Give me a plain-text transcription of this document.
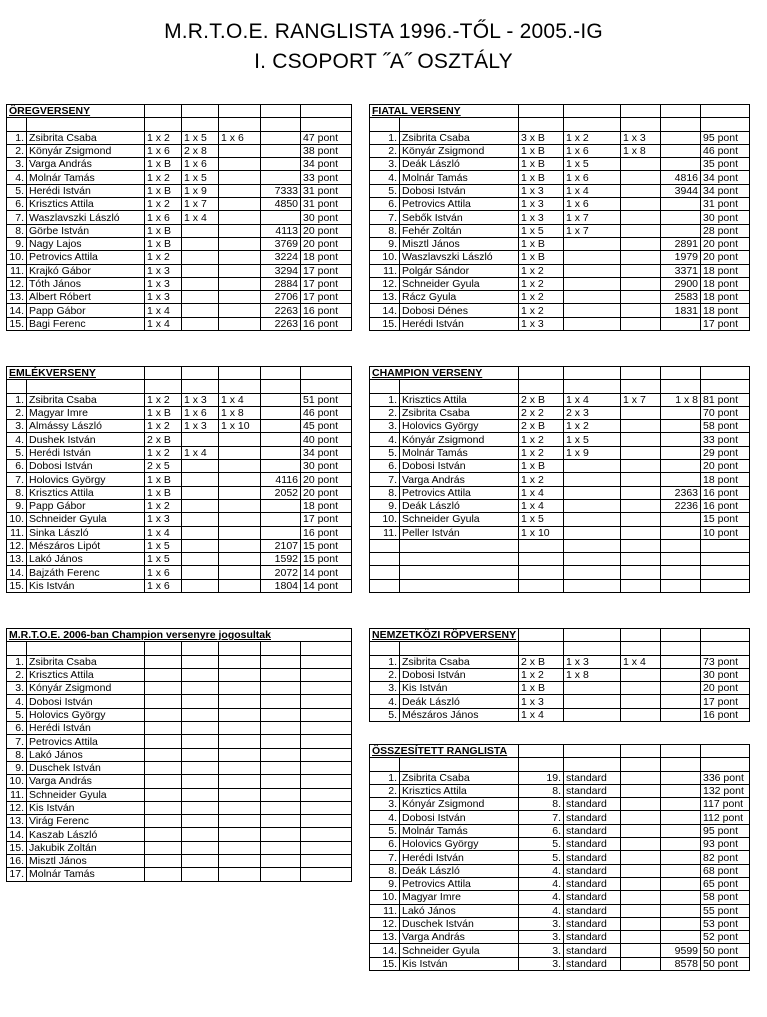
M.R.T.O.E. RANGLISTA 1996.-TŐL - 2005.-IG
I. CSOPORT ˝A˝ OSZTÁLY
ÖREGVERSENY						

1.	Zsibrita Csaba	1 x 2	1 x 5	1 x 6		47 pont
2.	Könyár Zsigmond	1 x 6	2 x 8			38 pont
3.	Varga András	1 x B	1 x 6			34 pont
4.	Molnár Tamás	1 x 2	1 x 5			33 pont
5.	Herédi István	1 x B	1 x 9		7333	31 pont
6.	Krisztics Attila	1 x 2	1 x 7		4850	31 pont
7.	Waszlavszki László	1 x 6	1 x 4			30 pont
8.	Görbe István	1 x B			4113	20 pont
9.	Nagy Lajos	1 x B			3769	20 pont
10.	Petrovics Attila	1 x 2			3224	18 pont
11.	Krajkó Gábor	1 x 3			3294	17 pont
12.	Tóth János	1 x 3			2884	17 pont
13.	Albert Róbert	1 x 3			2706	17 pont
14.	Papp Gábor	1 x 4			2263	16 pont
15.	Bagi Ferenc	1 x 4			2263	16 pont
FIATAL VERSENY						

1.	Zsibrita Csaba	3 x B	1 x 2	1 x 3		95 pont
2.	Könyár Zsigmond	1 x B	1 x 6	1 x 8		46 pont
3.	Deák László	1 x B	1 x 5			35 pont
4.	Molnár Tamás	1 x B	1 x 6		4816	34 pont
5.	Dobosi István	1 x 3	1 x 4		3944	34 pont
6.	Petrovics Attila	1 x 3	1 x 6			31 pont
7.	Sebők István	1 x 3	1 x 7			30 pont
8.	Fehér Zoltán	1 x 5	1 x 7			28 pont
9.	Misztl János	1 x B			2891	20 pont
10.	Waszlavszki László	1 x B			1979	20 pont
11.	Polgár Sándor	1 x 2			3371	18 pont
12.	Schneider Gyula	1 x 2			2900	18 pont
13.	Rácz Gyula	1 x 2			2583	18 pont
14.	Dobosi Dénes	1 x 2			1831	18 pont
15.	Herédi István	1 x 3				17 pont
EMLÉKVERSENY						

1.	Zsibrita Csaba	1 x 2	1 x 3	1 x 4		51 pont
2.	Magyar Imre	1 x B	1 x 6	1 x 8		46 pont
3.	Almássy László	1 x 2	1 x 3	1 x 10		45 pont
4.	Dushek István	2 x B				40 pont
5.	Herédi István	1 x 2	1 x 4			34 pont
6.	Dobosi István	2 x 5				30 pont
7.	Holovics György	1 x B			4116	20 pont
8.	Krisztics Attila	1 x B			2052	20 pont
9.	Papp Gábor	1 x 2				18 pont
10.	Schneider Gyula	1 x 3				17 pont
11.	Sinka László	1 x 4				16 pont
12.	Mészáros Lipót	1 x 5			2107	15 pont
13.	Lakó János	1 x 5			1592	15 pont
14.	Bajzáth Ferenc	1 x 6			2072	14 pont
15.	Kis István	1 x 6			1804	14 pont
CHAMPION VERSENY						

1.	Krisztics Attila	2 x B	1 x 4	1 x 7	1 x 8	81 pont
2.	Zsibrita Csaba	2 x 2	2 x 3			70 pont
3.	Holovics György	2 x B	1 x 2			58 pont
4.	Kónyár Zsigmond	1 x 2	1 x 5			33 pont
5.	Molnár Tamás	1 x 2	1 x 9			29 pont
6.	Dobosi István	1 x B				20 pont
7.	Varga András	1 x 2				18 pont
8.	Petrovics Attila	1 x 4			2363	16 pont
9.	Deák László	1 x 4			2236	16 pont
10.	Schneider Gyula	1 x 5				15 pont
11.	Peller István	1 x 10				10 pont

M.R.T.O.E. 2006-ban Champion versenyre jogosultak						

1.	Zsibrita Csaba					
2.	Krisztics Attila					
3.	Kónyár Zsigmond					
4.	Dobosi István					
5.	Holovics György					
6.	Herédi István					
7.	Petrovics Attila					
8.	Lakó János					
9.	Duschek István					
10.	Varga András					
11.	Schneider Gyula					
12.	Kis István					
13.	Virág Ferenc					
14.	Kaszab László					
15.	Jakubik Zoltán					
16.	Misztl János					
17.	Molnár Tamás					
NEMZETKÖZI RÖPVERSENY						

1.	Zsibrita Csaba	2 x B	1 x 3	1 x 4		73 pont
2.	Dobosi István	1 x 2	1 x 8			30 pont
3.	Kis István	1 x B				20 pont
4.	Deák László	1 x 3				17 pont
5.	Mészáros János	1 x 4				16 pont
ÖSSZESÍTETT RANGLISTA						

1.	Zsibrita Csaba	19.	standard			336 pont
2.	Krisztics Attila	8.	standard			132 pont
3.	Kónyár Zsigmond	8.	standard			117 pont
4.	Dobosi István	7.	standard			112 pont
5.	Molnár Tamás	6.	standard			95 pont
6.	Holovics György	5.	standard			93 pont
7.	Herédi István	5.	standard			82 pont
8.	Deák László	4.	standard			68 pont
9.	Petrovics Attila	4.	standard			65 pont
10.	Magyar Imre	4.	standard			58 pont
11.	Lakó János	4.	standard			55 pont
12.	Duschek István	3.	standard			53 pont
13.	Varga András	3.	standard			52 pont
14.	Schneider Gyula	3.	standard		9599	50 pont
15.	Kis István	3.	standard		8578	50 pont
